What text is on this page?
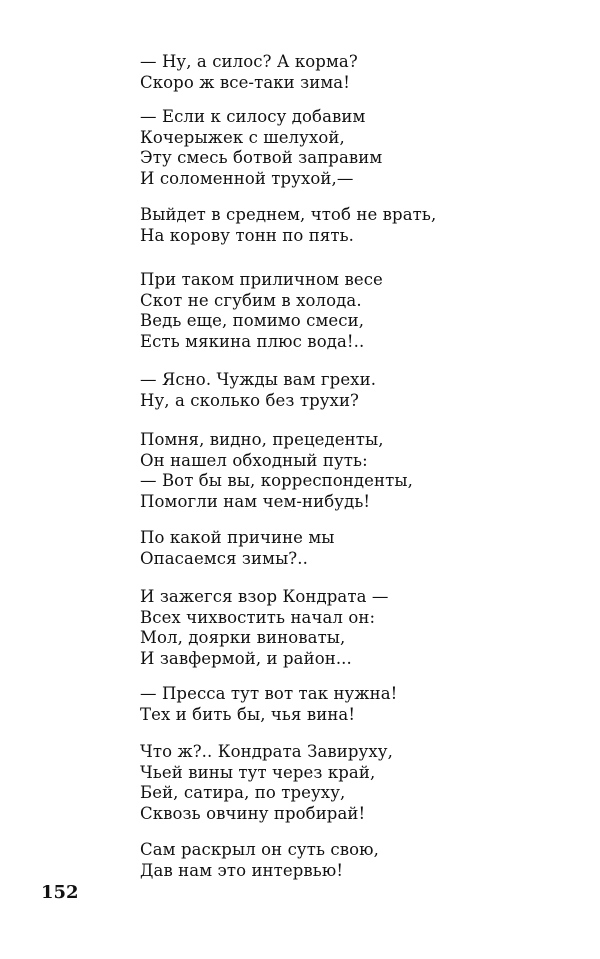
— Ну, а силос? А корма?
Скоро ж все-таки зима!
— Если к силосу добавим
Кочерыжек с шелухой,
Эту смесь ботвой заправим
И соломенной трухой,—
Выйдет в среднем, чтоб не врать,
На корову тонн по пять.
При таком приличном весе
Скот не сгубим в холода.
Ведь еще, помимо смеси,
Есть мякина плюс вода!..
— Ясно. Чужды вам грехи.
Ну, а сколько без трухи?
Помня, видно, прецеденты,
Он нашел обходный путь:
— Вот бы вы, корреспонденты,
Помогли нам чем-нибудь!
По какой причине мы
Опасаемся зимы?..
И зажегся взор Кондрата —
Всех чихвостить начал он:
Мол, доярки виноваты,
И завфермой, и район...
— Пресса тут вот так нужна!
Тех и бить бы, чья вина!
Что ж?.. Кондрата Завируху,
Чьей вины тут через край,
Бей, сатира, по треуху,
Сквозь овчину пробирай!
Сам раскрыл он суть свою,
Дав нам это интервью!
152
